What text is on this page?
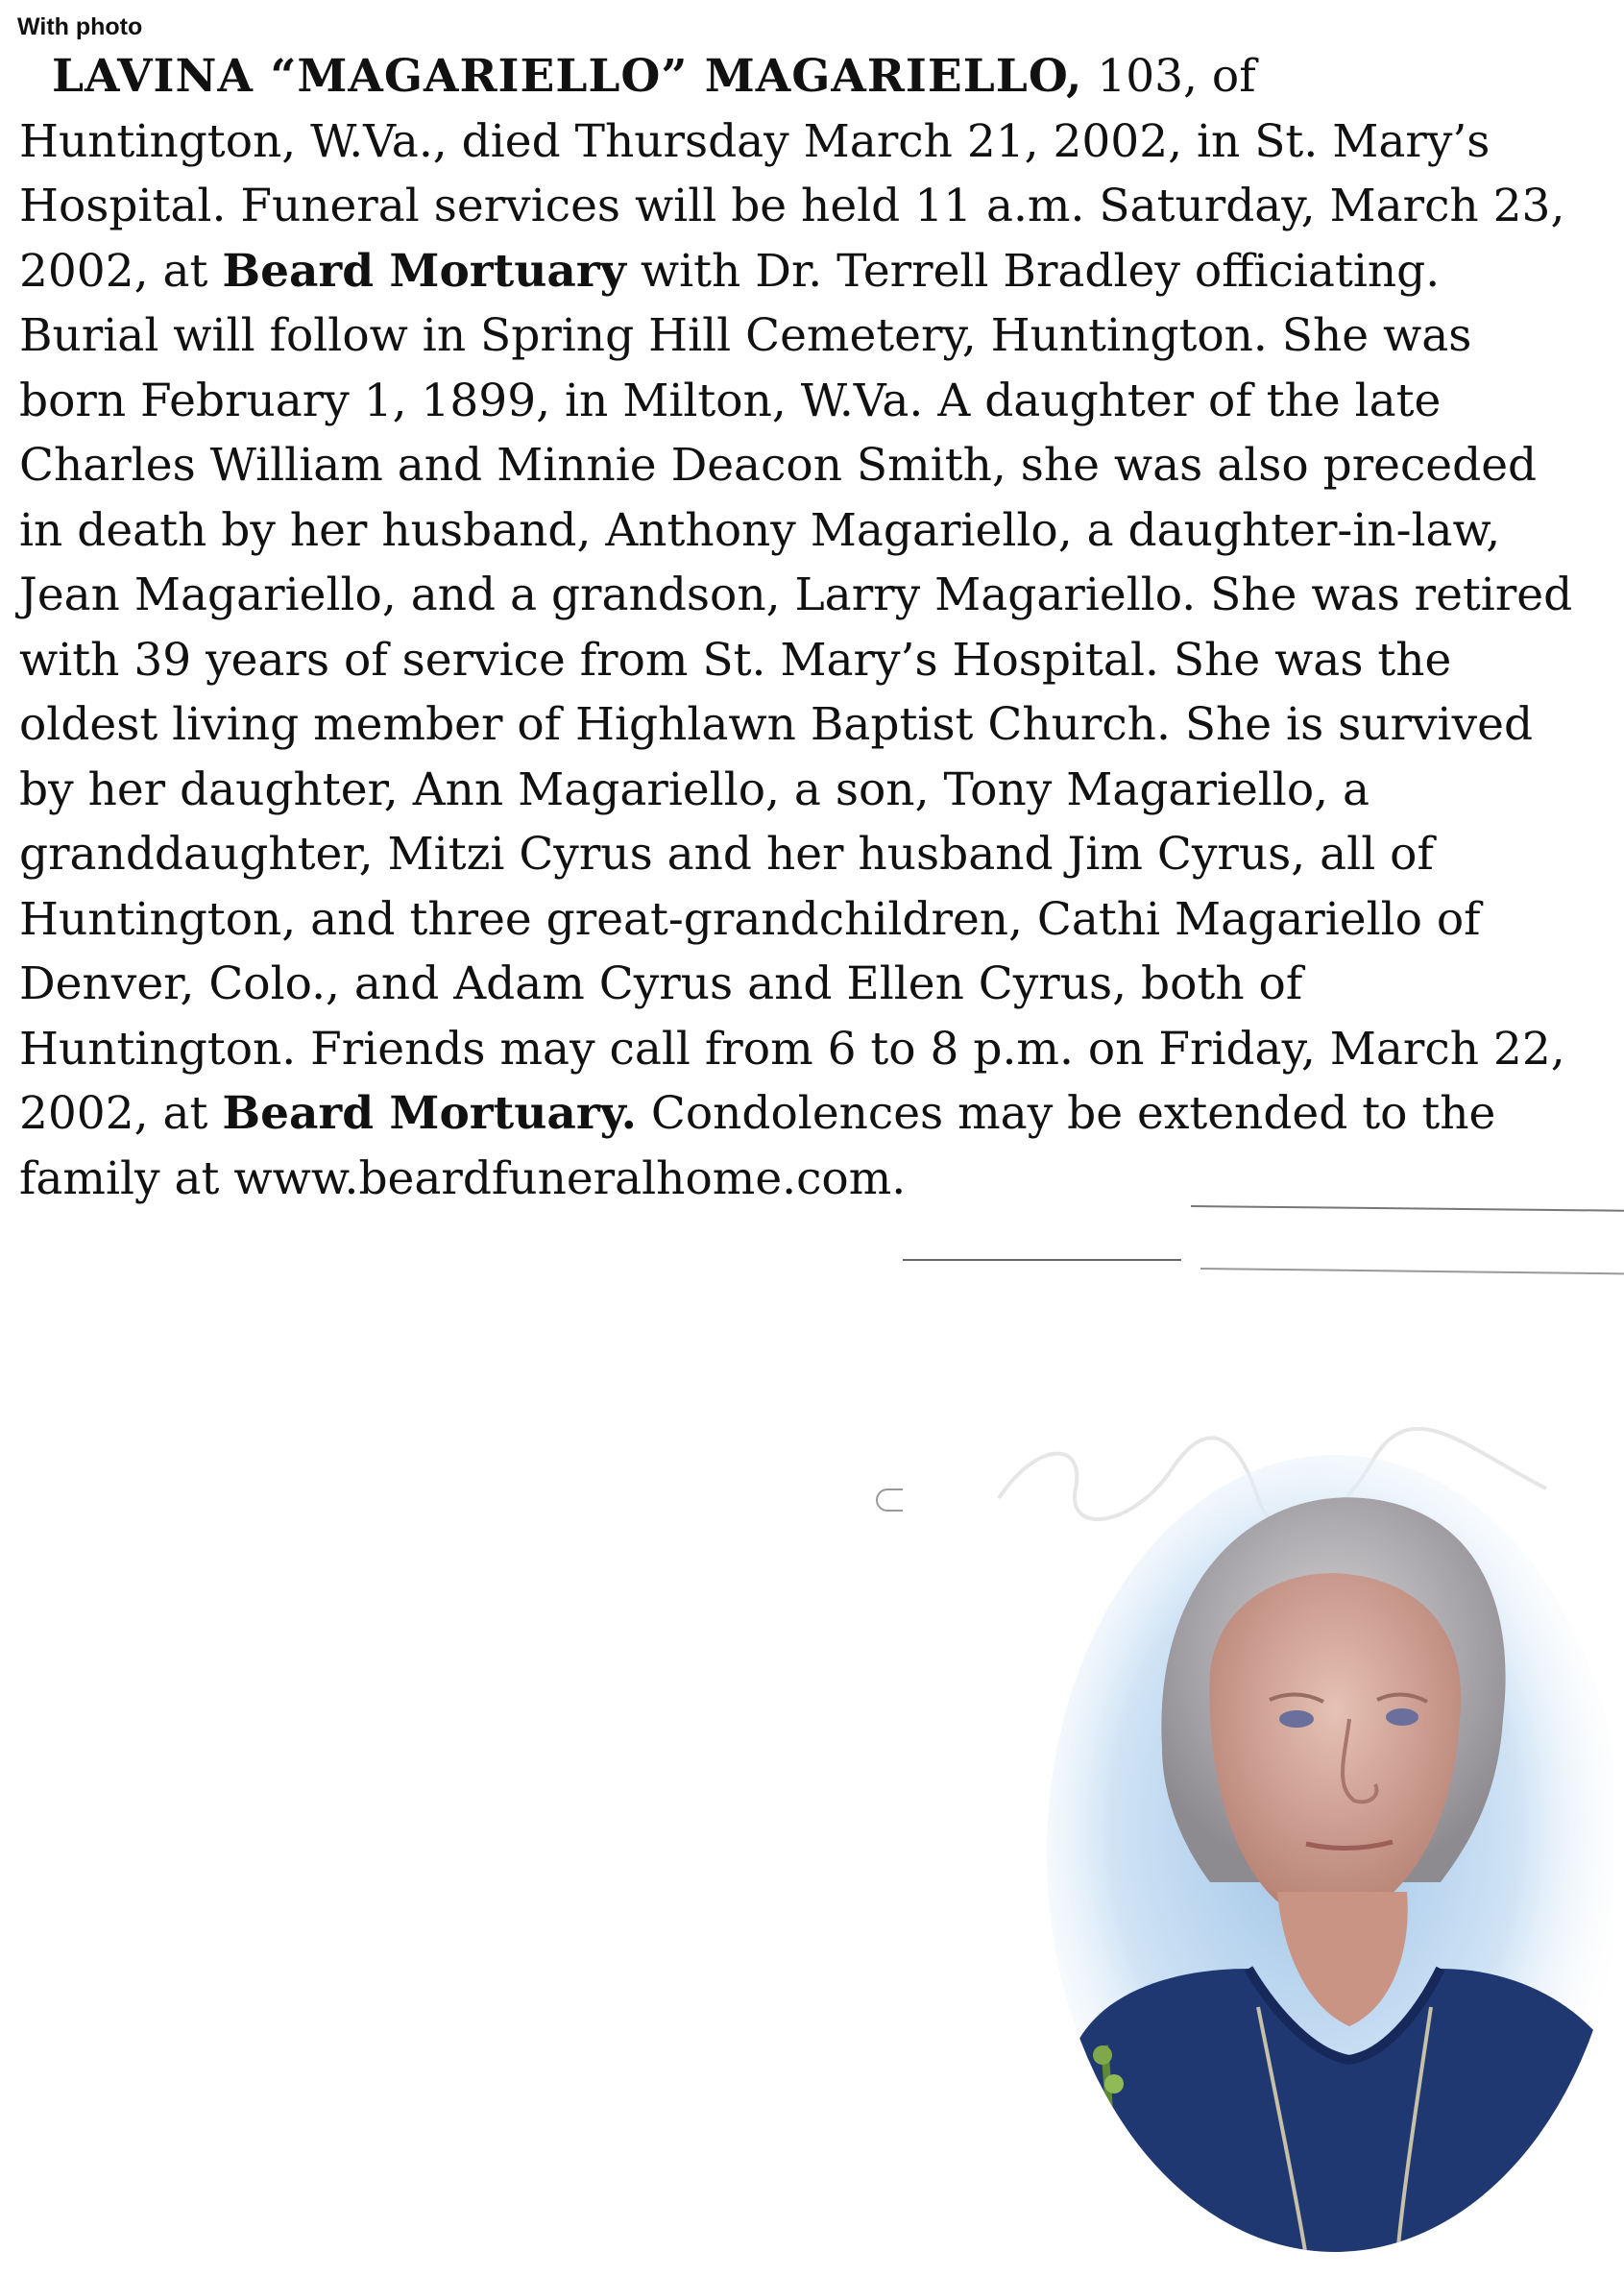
With photo
LAVINA “MAGARIELLO” MAGARIELLO, 103, of
Huntington, W.Va., died Thursday March 21, 2002, in St. Mary’s
Hospital. Funeral services will be held 11 a.m. Saturday, March 23,
2002, at Beard Mortuary with Dr. Terrell Bradley officiating.
Burial will follow in Spring Hill Cemetery, Huntington. She was
born February 1, 1899, in Milton, W.Va. A daughter of the late
Charles William and Minnie Deacon Smith, she was also preceded
in death by her husband, Anthony Magariello, a daughter-in-law,
Jean Magariello, and a grandson, Larry Magariello. She was retired
with 39 years of service from St. Mary’s Hospital. She was the
oldest living member of Highlawn Baptist Church. She is survived
by her daughter, Ann Magariello, a son, Tony Magariello, a
granddaughter, Mitzi Cyrus and her husband Jim Cyrus, all of
Huntington, and three great-grandchildren, Cathi Magariello of
Denver, Colo., and Adam Cyrus and Ellen Cyrus, both of
Huntington. Friends may call from 6 to 8 p.m. on Friday, March 22,
2002, at Beard Mortuary. Condolences may be extended to the
family at www.beardfuneralhome.com.
